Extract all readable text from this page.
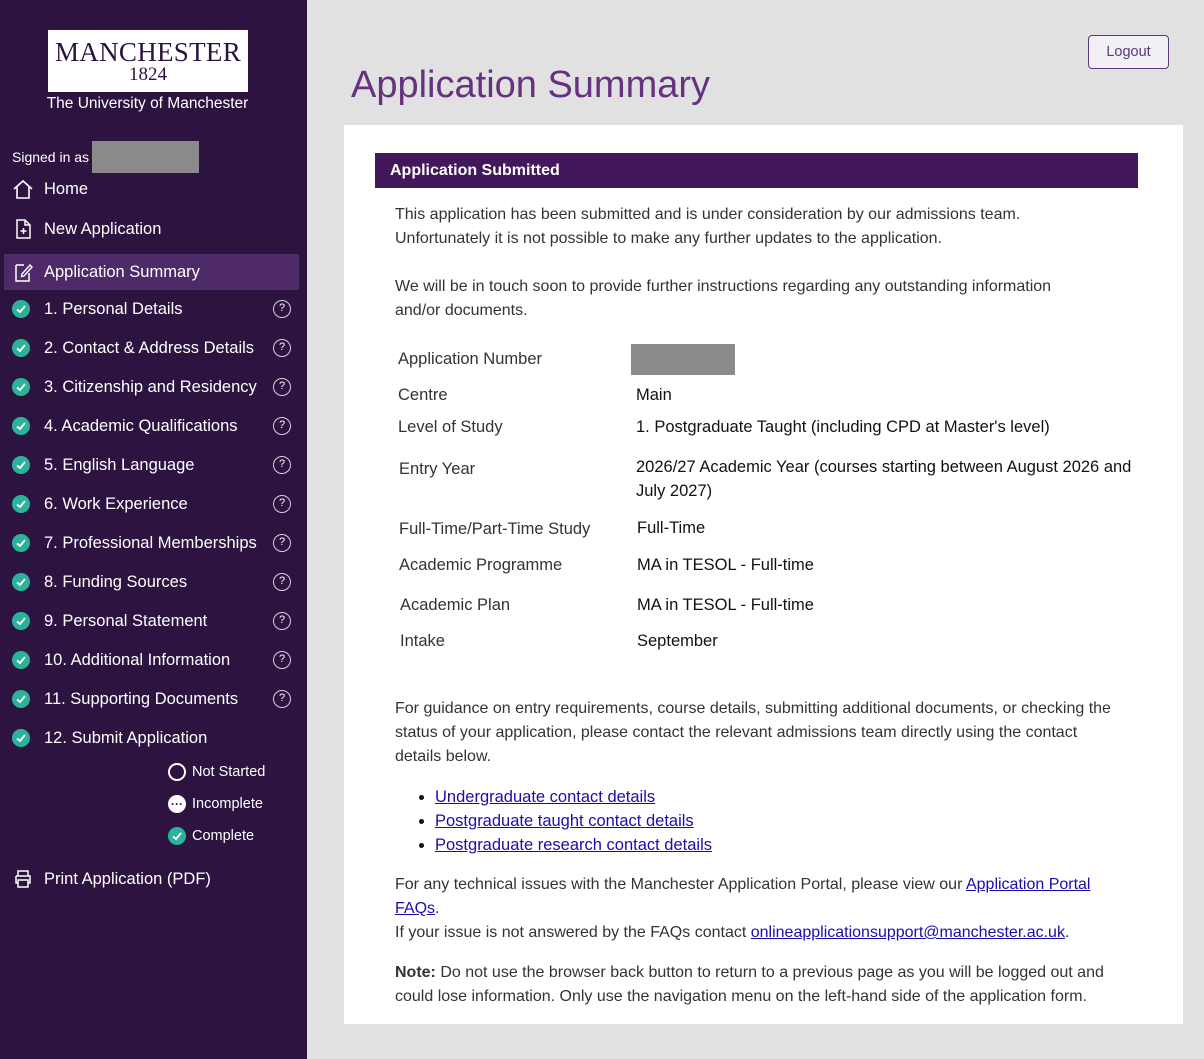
MANCHESTER
1824
The University of Manchester
Signed in as
Home
New Application
Application Summary
1. Personal Details	?
2. Contact & Address Details	?
3. Citizenship and Residency	?
4. Academic Qualifications	?
5. English Language	?
6. Work Experience	?
7. Professional Memberships	?
8. Funding Sources	?
9. Personal Statement	?
10. Additional Information	?
11. Supporting Documents	?
12. Submit Application
Not Started
··· Incomplete
Complete
Print Application (PDF)
Logout
Application Summary
Application Submitted
This application has been submitted and is under consideration by our admissions team.
Unfortunately it is not possible to make any further updates to the application.
We will be in touch soon to provide further instructions regarding any outstanding information
and/or documents.
Application Number
Centre	Main
Level of Study	1. Postgraduate Taught (including CPD at Master's level)
Entry Year	2026/27 Academic Year (courses starting between August 2026 and
July 2027)
Full-Time/Part-Time Study	Full-Time
Academic Programme	MA in TESOL - Full-time
Academic Plan	MA in TESOL - Full-time
Intake	September
For guidance on entry requirements, course details, submitting additional documents, or checking the
status of your application, please contact the relevant admissions team directly using the contact
details below.
• Undergraduate contact details
• Postgraduate taught contact details
• Postgraduate research contact details
For any technical issues with the Manchester Application Portal, please view our Application Portal
FAQs.
If your issue is not answered by the FAQs contact onlineapplicationsupport@manchester.ac.uk.
Note: Do not use the browser back button to return to a previous page as you will be logged out and
could lose information. Only use the navigation menu on the left-hand side of the application form.
